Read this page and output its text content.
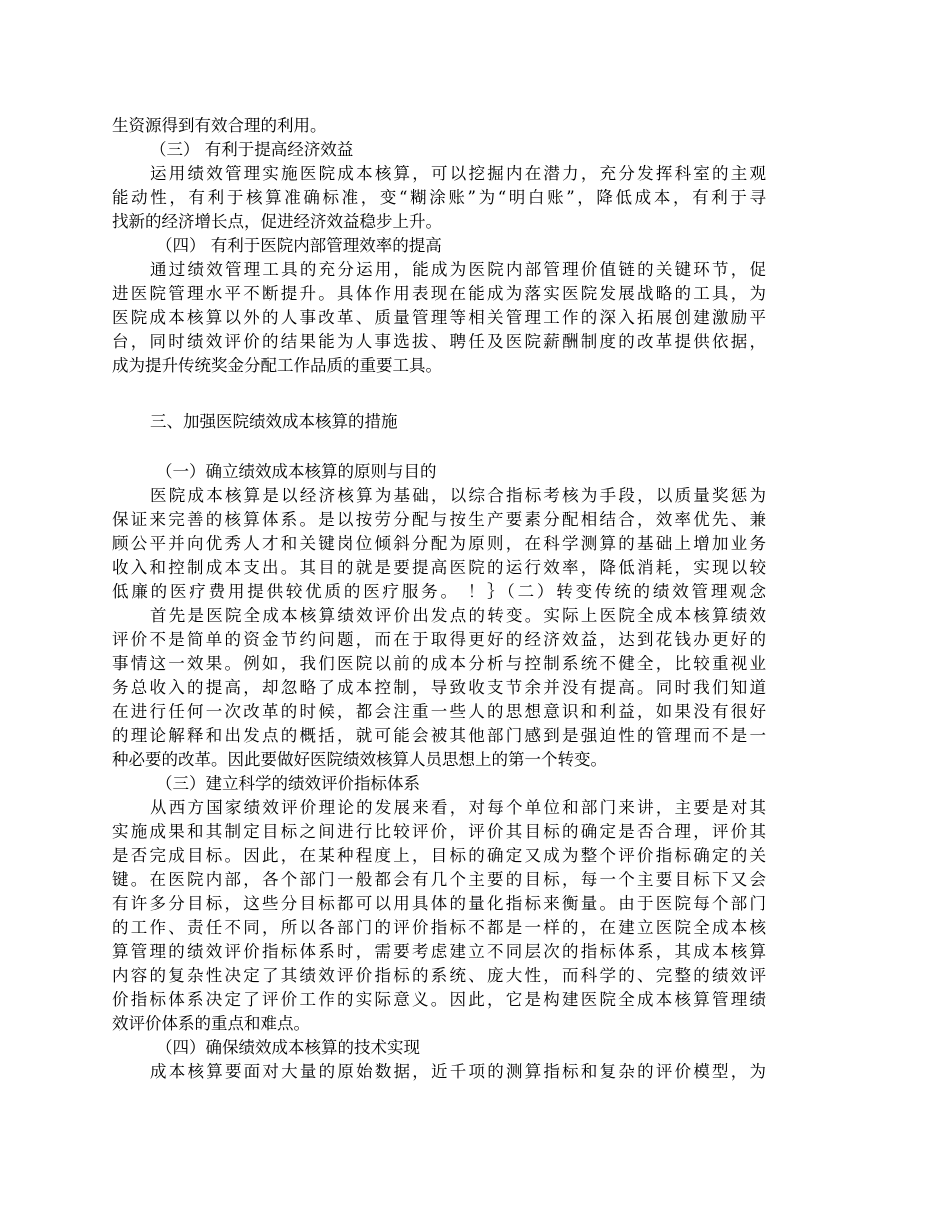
生资源得到有效合理的利用。
（三） 有利于提高经济效益
运用绩效管理实施医院成本核算，可以挖掘内在潜力，充分发挥科室的主观
能动性，有利于核算准确标准，变“糊涂账”为“明白账”，降低成本，有利于寻
找新的经济增长点，促进经济效益稳步上升。
（四） 有利于医院内部管理效率的提高
通过绩效管理工具的充分运用，能成为医院内部管理价值链的关键环节，促
进医院管理水平不断提升。具体作用表现在能成为落实医院发展战略的工具，为
医院成本核算以外的人事改革、质量管理等相关管理工作的深入拓展创建激励平
台，同时绩效评价的结果能为人事选拔、聘任及医院薪酬制度的改革提供依据，
成为提升传统奖金分配工作品质的重要工具。
三、加强医院绩效成本核算的措施
（一）确立绩效成本核算的原则与目的
医院成本核算是以经济核算为基础，以综合指标考核为手段，以质量奖惩为
保证来完善的核算体系。是以按劳分配与按生产要素分配相结合，效率优先、兼
顾公平并向优秀人才和关键岗位倾斜分配为原则，在科学测算的基础上增加业务
收入和控制成本支出。其目的就是要提高医院的运行效率，降低消耗，实现以较
低廉的医疗费用提供较优质的医疗服务。 ！｝（二）转变传统的绩效管理观念
首先是医院全成本核算绩效评价出发点的转变。实际上医院全成本核算绩效
评价不是简单的资金节约问题，而在于取得更好的经济效益，达到花钱办更好的
事情这一效果。例如，我们医院以前的成本分析与控制系统不健全，比较重视业
务总收入的提高，却忽略了成本控制，导致收支节余并没有提高。同时我们知道
在进行任何一次改革的时候，都会注重一些人的思想意识和利益，如果没有很好
的理论解释和出发点的概括，就可能会被其他部门感到是强迫性的管理而不是一
种必要的改革。因此要做好医院绩效核算人员思想上的第一个转变。
（三）建立科学的绩效评价指标体系
从西方国家绩效评价理论的发展来看，对每个单位和部门来讲，主要是对其
实施成果和其制定目标之间进行比较评价，评价其目标的确定是否合理，评价其
是否完成目标。因此，在某种程度上，目标的确定又成为整个评价指标确定的关
键。在医院内部，各个部门一般都会有几个主要的目标，每一个主要目标下又会
有许多分目标，这些分目标都可以用具体的量化指标来衡量。由于医院每个部门
的工作、责任不同，所以各部门的评价指标不都是一样的，在建立医院全成本核
算管理的绩效评价指标体系时，需要考虑建立不同层次的指标体系，其成本核算
内容的复杂性决定了其绩效评价指标的系统、庞大性，而科学的、完整的绩效评
价指标体系决定了评价工作的实际意义。因此，它是构建医院全成本核算管理绩
效评价体系的重点和难点。
（四）确保绩效成本核算的技术实现
成本核算要面对大量的原始数据，近千项的测算指标和复杂的评价模型，为
